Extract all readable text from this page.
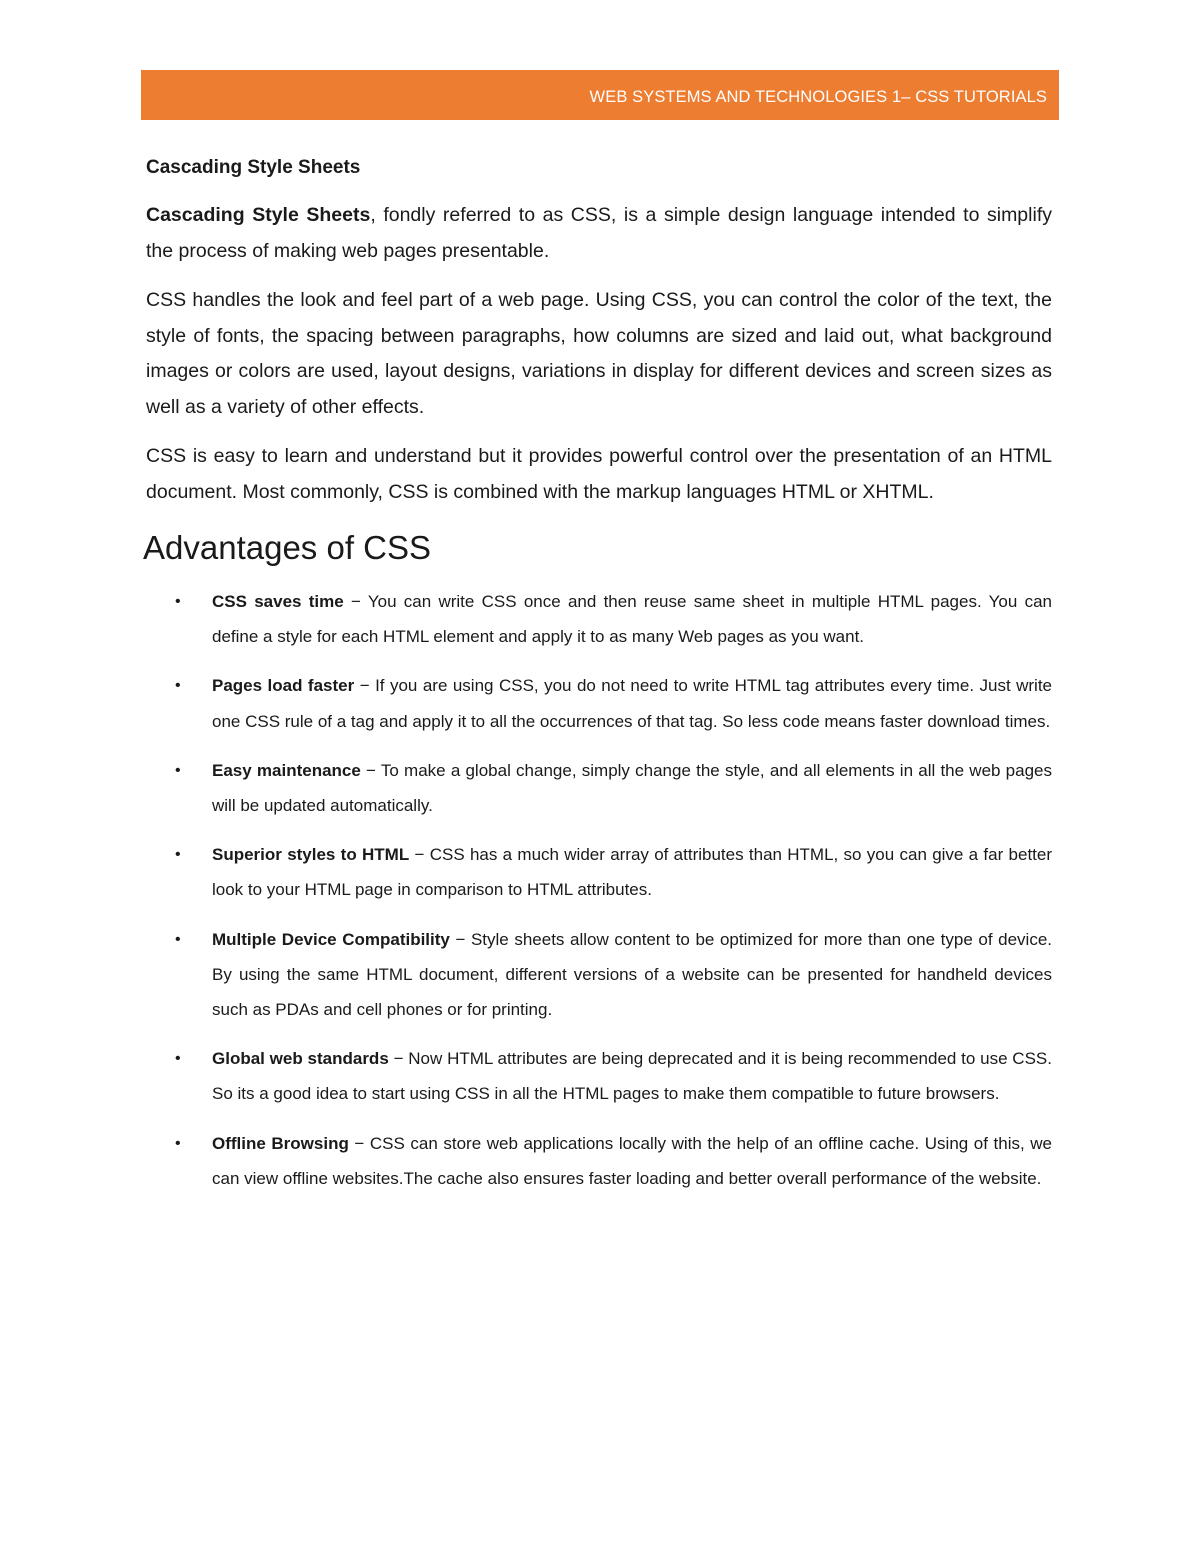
WEB SYSTEMS AND TECHNOLOGIES 1– CSS TUTORIALS
Cascading Style Sheets

Cascading Style Sheets, fondly referred to as CSS, is a simple design language intended to simplify the process of making web pages presentable.

CSS handles the look and feel part of a web page. Using CSS, you can control the color of the text, the style of fonts, the spacing between paragraphs, how columns are sized and laid out, what background images or colors are used, layout designs, variations in display for different devices and screen sizes as well as a variety of other effects.

CSS is easy to learn and understand but it provides powerful control over the presentation of an HTML document. Most commonly, CSS is combined with the markup languages HTML or XHTML.

Advantages of CSS
• CSS saves time − You can write CSS once and then reuse same sheet in multiple HTML pages. You can define a style for each HTML element and apply it to as many Web pages as you want.
• Pages load faster − If you are using CSS, you do not need to write HTML tag attributes every time. Just write one CSS rule of a tag and apply it to all the occurrences of that tag. So less code means faster download times.
• Easy maintenance − To make a global change, simply change the style, and all elements in all the web pages will be updated automatically.
• Superior styles to HTML − CSS has a much wider array of attributes than HTML, so you can give a far better look to your HTML page in comparison to HTML attributes.
• Multiple Device Compatibility − Style sheets allow content to be optimized for more than one type of device. By using the same HTML document, different versions of a website can be presented for handheld devices such as PDAs and cell phones or for printing.
• Global web standards − Now HTML attributes are being deprecated and it is being recommended to use CSS. So its a good idea to start using CSS in all the HTML pages to make them compatible to future browsers.
• Offline Browsing − CSS can store web applications locally with the help of an offline cache. Using of this, we can view offline websites.The cache also ensures faster loading and better overall performance of the website.
